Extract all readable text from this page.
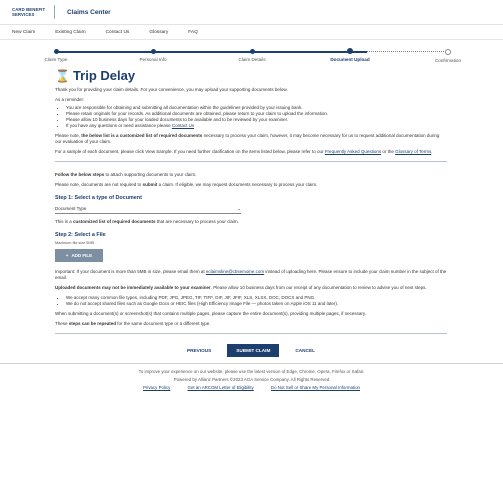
CARD BENEFIT
SERVICES	Claims Center
New Claim	Existing Claim	Contact Us	Glossary	FAQ
Claim Type	Personal Info	Claim Details	Document Upload	Confirmation
⌛ Trip Delay

Thank you for providing your claim details. For your convenience, you may upload your supporting documents below.

As a reminder:

• You are responsible for obtaining and submitting all documentation within the guidelines provided by your issuing bank.
• Please retain originals for your records. As additional documents are obtained, please return to your claim to upload the information.
• Please allow 10 business days for your loaded documents to be available and to be reviewed by your examiner.
• If you have any questions or need assistance please Contact Us

Please note, the below list is a customized list of required documents necessary to process your claim, however, it may become necessary for us to request additional documentation during our evaluation of your claim.

For a sample of each document, please click View Sample. If you need further clarification on the items listed below, please refer to our Frequently Asked Questions or the Glossary of Terms.

Follow the below steps to attach supporting documents to your claim.

Please note, documents are not required to submit a claim. If eligible, we may request documents necessary to process your claim.

Step 1: Select a type of Document
Document Type	⌄

This is a customized list of required documents that are necessary to process your claim.

Step 2: Select a File
Maximum file size 5MB
+ ADD FILE

Important: If your document is more than 5MB in size, please email them at eclaimsline@cbsemoine.com instead of uploading here. Please ensure to include your claim number in the subject of the email.

Uploaded documents may not be immediately available to your examiner. Please allow 10 business days from our receipt of any documentation to review to advise you of next steps.

• We accept many common file types, including PDF, JPG, JPEG, TIF, TIFF, GIF, JIF, JFIF, XLS, XLSX, DOC, DOCX and PNG.
• We do not accept shared files such as Google Docs or HEIC files (High Efficiency Image File — photos taken on Apple iOS 11 and later).

When submitting a document(s) or screenshot(s) that contains multiple pages, please capture the entire document(s), providing multiple pages, if necessary.

These steps can be repeated for the same document type or a different type.

PREVIOUS	SUBMIT CLAIM	CANCEL
To improve your experience on our website, please use the latest version of Edge, Chrome, Opera, Firefox or Safari.
Powered by Allianz Partners ©2023 AGA Service Company. All Rights Reserved
Privacy Policy	Get an ARCOM Letter of Eligibility	Do Not Sell or Share My Personal Information
